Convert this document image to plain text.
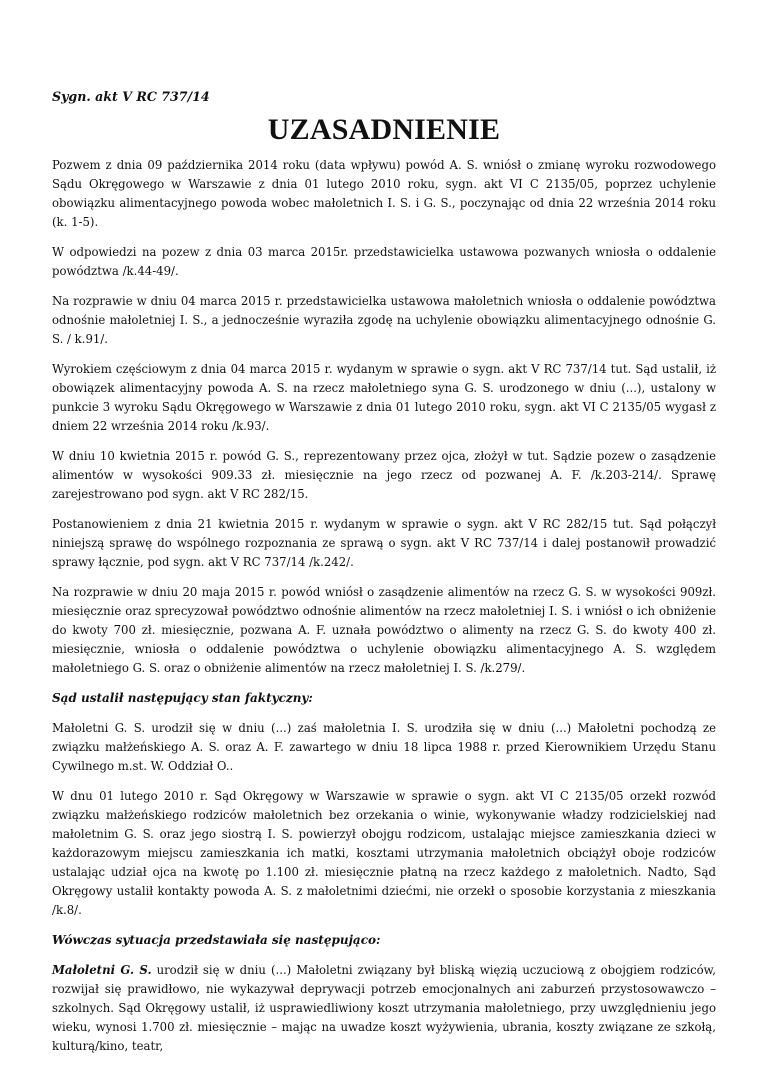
Sygn. akt V RC 737/14

UZASADNIENIE

Pozwem z dnia 09 października 2014 roku (data wpływu) powód A. S. wniósł o zmianę wyroku rozwodowego Sądu Okręgowego w Warszawie z dnia 01 lutego 2010 roku, sygn. akt VI C 2135/05, poprzez uchylenie obowiązku alimentacyjnego powoda wobec małoletnich I. S. i G. S., poczynając od dnia 22 września 2014 roku (k. 1-5).

W odpowiedzi na pozew z dnia 03 marca 2015r. przedstawicielka ustawowa pozwanych wniosła o oddalenie powództwa /k.44-49/.

Na rozprawie w dniu 04 marca 2015 r. przedstawicielka ustawowa małoletnich wniosła o oddalenie powództwa odnośnie małoletniej I. S., a jednocześnie wyraziła zgodę na uchylenie obowiązku alimentacyjnego odnośnie G. S. / k.91/.

Wyrokiem częściowym z dnia 04 marca 2015 r. wydanym w sprawie o sygn. akt V RC 737/14 tut. Sąd ustalił, iż obowiązek alimentacyjny powoda A. S. na rzecz małoletniego syna G. S. urodzonego w dniu (...), ustalony w punkcie 3 wyroku Sądu Okręgowego w Warszawie z dnia 01 lutego 2010 roku, sygn. akt VI C 2135/05 wygasł z dniem 22 września 2014 roku /k.93/.

W dniu 10 kwietnia 2015 r. powód G. S., reprezentowany przez ojca, złożył w tut. Sądzie pozew o zasądzenie alimentów w wysokości 909.33 zł. miesięcznie na jego rzecz od pozwanej A. F. /k.203-214/. Sprawę zarejestrowano pod sygn. akt V RC 282/15.

Postanowieniem z dnia 21 kwietnia 2015 r. wydanym w sprawie o sygn. akt V RC 282/15 tut. Sąd połączył niniejszą sprawę do wspólnego rozpoznania ze sprawą o sygn. akt V RC 737/14 i dalej postanowił prowadzić sprawy łącznie, pod sygn. akt V RC 737/14 /k.242/.

Na rozprawie w dniu 20 maja 2015 r. powód wniósł o zasądzenie alimentów na rzecz G. S. w wysokości 909zł. miesięcznie oraz sprecyzował powództwo odnośnie alimentów na rzecz małoletniej I. S. i wniósł o ich obniżenie do kwoty 700 zł. miesięcznie, pozwana A. F. uznała powództwo o alimenty na rzecz G. S. do kwoty 400 zł. miesięcznie, wniosła o oddalenie powództwa o uchylenie obowiązku alimentacyjnego A. S. względem małoletniego G. S. oraz o obniżenie alimentów na rzecz małoletniej I. S. /k.279/.

Sąd ustalił następujący stan faktyczny:

Małoletni G. S. urodził się w dniu (...) zaś małoletnia I. S. urodziła się w dniu (...) Małoletni pochodzą ze związku małżeńskiego A. S. oraz A. F. zawartego w dniu 18 lipca 1988 r. przed Kierownikiem Urzędu Stanu Cywilnego m.st. W. Oddział O..

W dnu 01 lutego 2010 r. Sąd Okręgowy w Warszawie w sprawie o sygn. akt VI C 2135/05 orzekł rozwód związku małżeńskiego rodziców małoletnich bez orzekania o winie, wykonywanie władzy rodzicielskiej nad małoletnim G. S. oraz jego siostrą I. S. powierzył obojgu rodzicom, ustalając miejsce zamieszkania dzieci w każdorazowym miejscu zamieszkania ich matki, kosztami utrzymania małoletnich obciążył oboje rodziców ustalając udział ojca na kwotę po 1.100 zł. miesięcznie płatną na rzecz każdego z małoletnich. Nadto, Sąd Okręgowy ustalił kontakty powoda A. S. z małoletnimi dziećmi, nie orzekł o sposobie korzystania z mieszkania /k.8/.

Wówczas sytuacja przedstawiała się następująco:

Małoletni G. S. urodził się w dniu (...) Małoletni związany był bliską więzią uczuciową z obojgiem rodziców, rozwijał się prawidłowo, nie wykazywał deprywacji potrzeb emocjonalnych ani zaburzeń przystosowawczo – szkolnych. Sąd Okręgowy ustalił, iż usprawiedliwiony koszt utrzymania małoletniego, przy uwzględnieniu jego wieku, wynosi 1.700 zł. miesięcznie – mając na uwadze koszt wyżywienia, ubrania, koszty związane ze szkołą, kulturą/kino, teatr,
